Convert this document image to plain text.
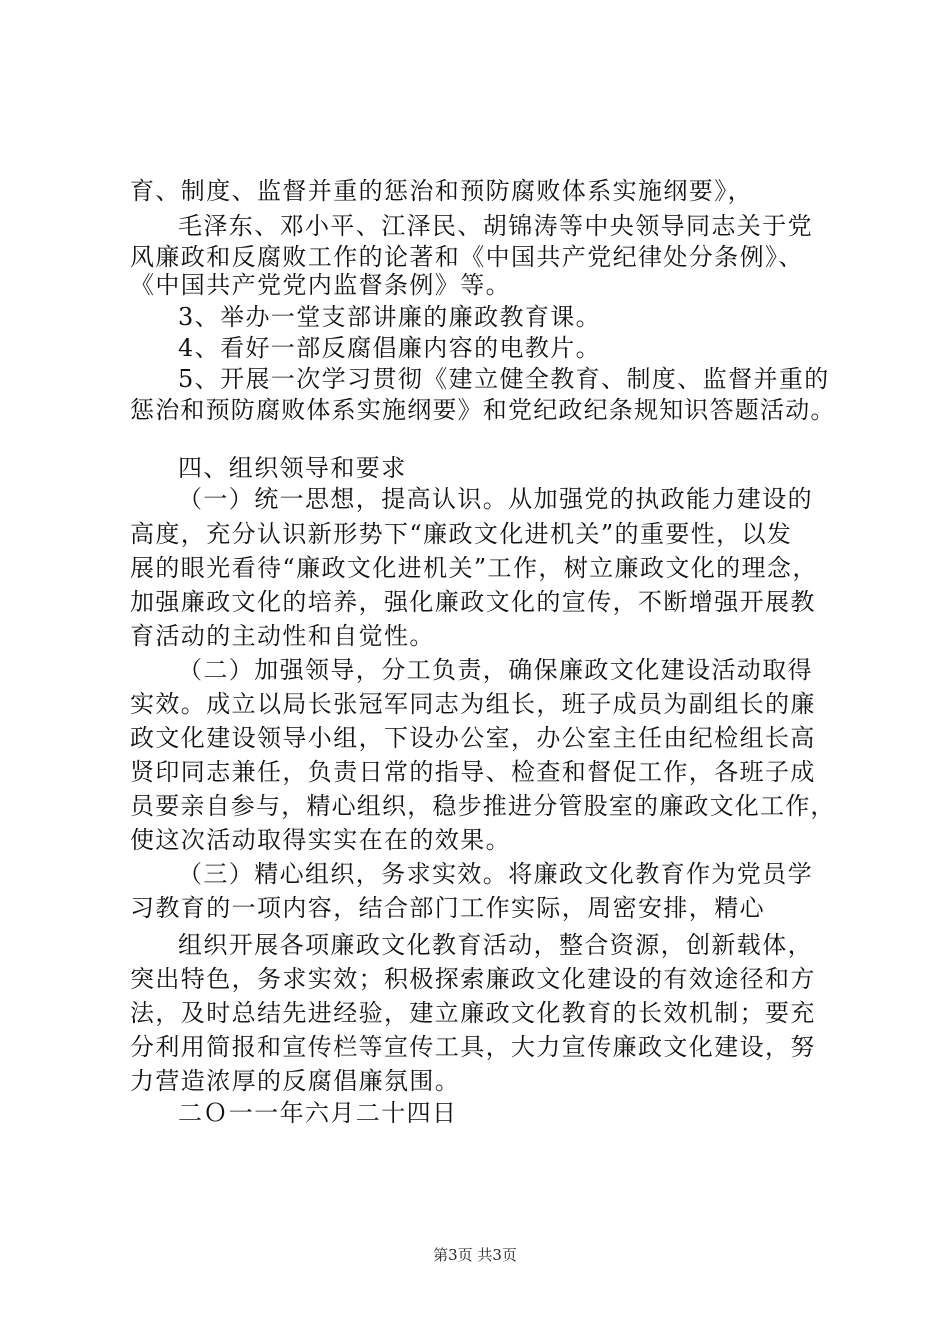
育、制度、监督并重的惩治和预防腐败体系实施纲要》，

毛泽东、邓小平、江泽民、胡锦涛等中央领导同志关于党

风廉政和反腐败工作的论著和《中国共产党纪律处分条例》、

《中国共产党党内监督条例》等。

3、举办一堂支部讲廉的廉政教育课。

4、看好一部反腐倡廉内容的电教片。

5、开展一次学习贯彻《建立健全教育、制度、监督并重的

惩治和预防腐败体系实施纲要》和党纪政纪条规知识答题活动。

四、组织领导和要求

（一）统一思想，提高认识。从加强党的执政能力建设的

高度，充分认识新形势下“廉政文化进机关”的重要性，以发

展的眼光看待“廉政文化进机关”工作，树立廉政文化的理念，

加强廉政文化的培养，强化廉政文化的宣传，不断增强开展教

育活动的主动性和自觉性。

（二）加强领导，分工负责，确保廉政文化建设活动取得

实效。成立以局长张冠军同志为组长，班子成员为副组长的廉

政文化建设领导小组，下设办公室，办公室主任由纪检组长高

贤印同志兼任，负责日常的指导、检查和督促工作，各班子成

员要亲自参与，精心组织，稳步推进分管股室的廉政文化工作，

使这次活动取得实实在在的效果。

（三）精心组织，务求实效。将廉政文化教育作为党员学

习教育的一项内容，结合部门工作实际，周密安排，精心

组织开展各项廉政文化教育活动，整合资源，创新载体，

突出特色，务求实效；积极探索廉政文化建设的有效途径和方

法，及时总结先进经验，建立廉政文化教育的长效机制；要充

分利用简报和宣传栏等宣传工具，大力宣传廉政文化建设，努

力营造浓厚的反腐倡廉氛围。

二Ｏ一一年六月二十四日

第3页 共3页
